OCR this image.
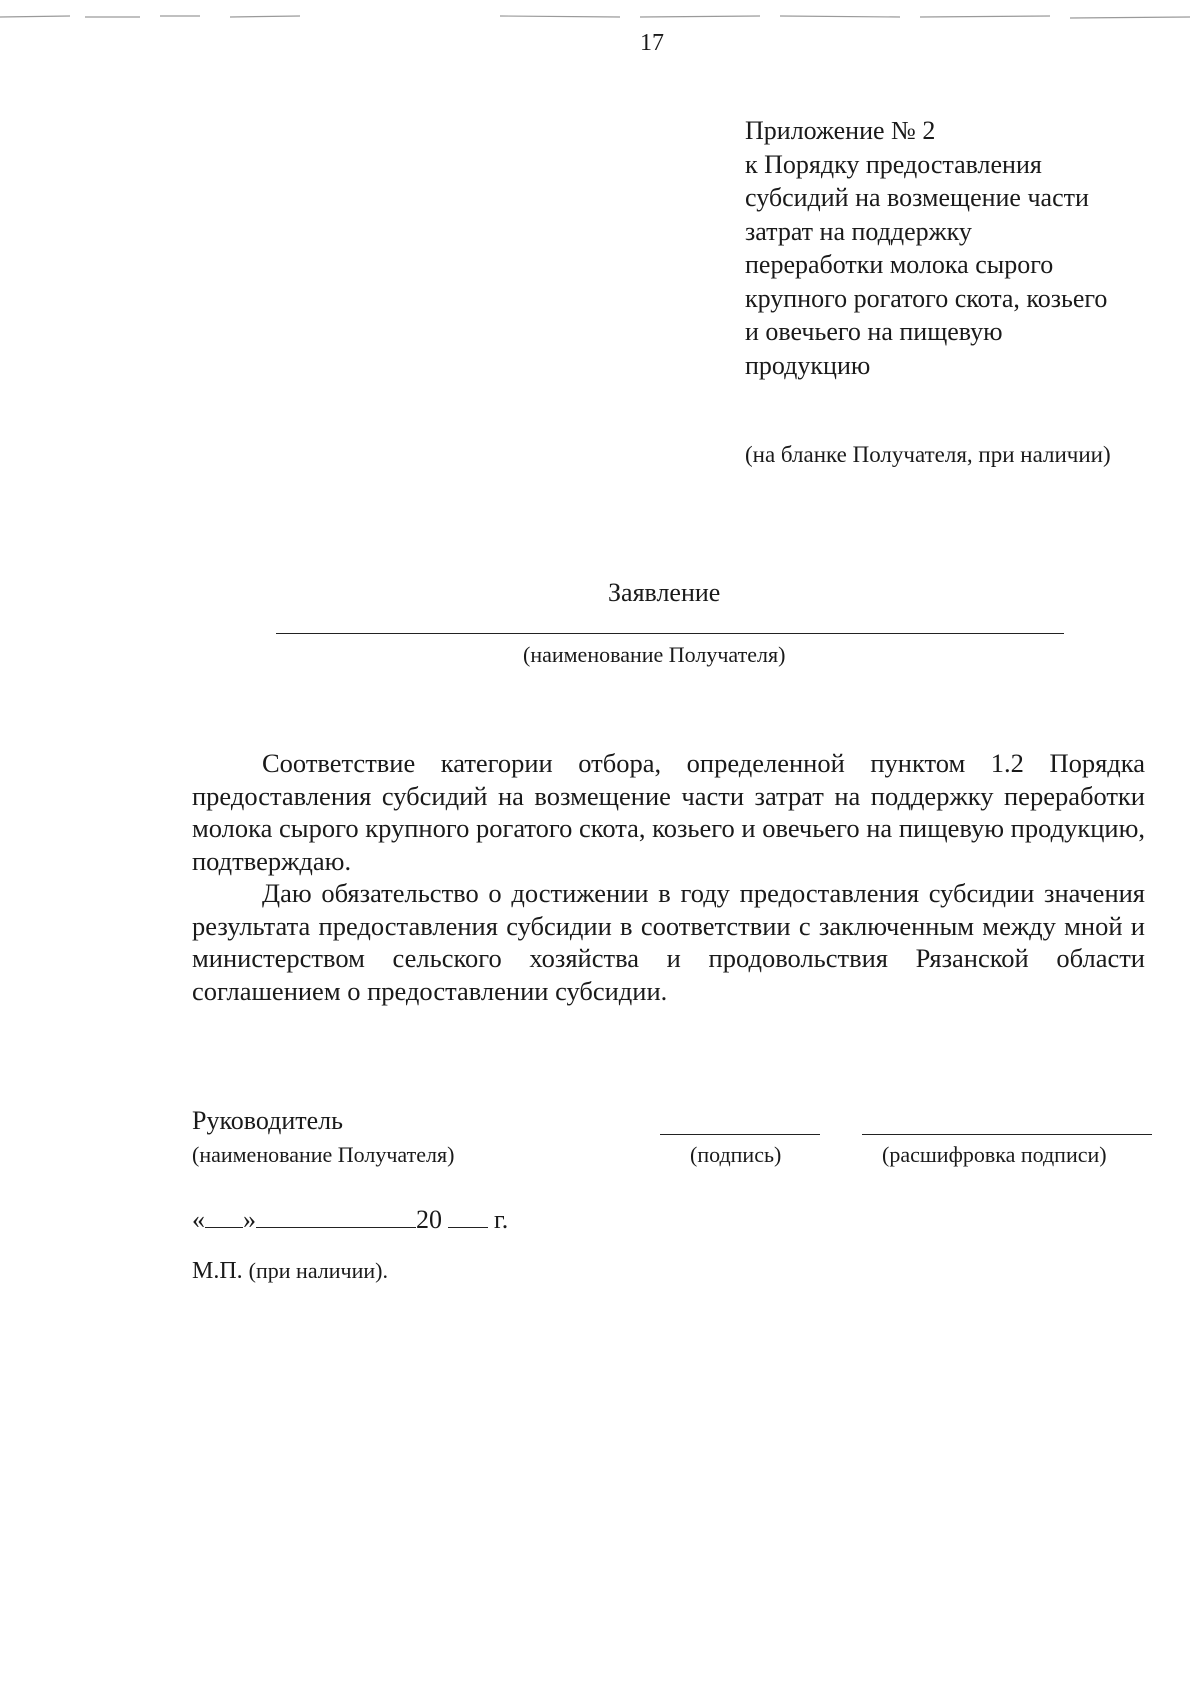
17
Приложение № 2
к Порядку предоставления
субсидий на возмещение части
затрат на поддержку
переработки молока сырого
крупного рогатого скота, козьего
и овечьего на пищевую
продукцию
(на бланке Получателя, при наличии)
Заявление
(наименование Получателя)

Соответствие категории отбора, определенной пунктом 1.2 Порядка предоставления субсидий на возмещение части затрат на поддержку переработки молока сырого крупного рогатого скота, козьего и овечьего на пищевую продукцию, подтверждаю.

Даю обязательство о достижении в году предоставления субсидии значения результата предоставления субсидии в соответствии с заключенным между мной и министерством сельского хозяйства и продовольствия Рязанской области соглашением о предоставлении субсидии.

Руководитель
(наименование Получателя)	(подпись)	(расшифровка подписи)
« »	20 г.
М.П. (при наличии).
